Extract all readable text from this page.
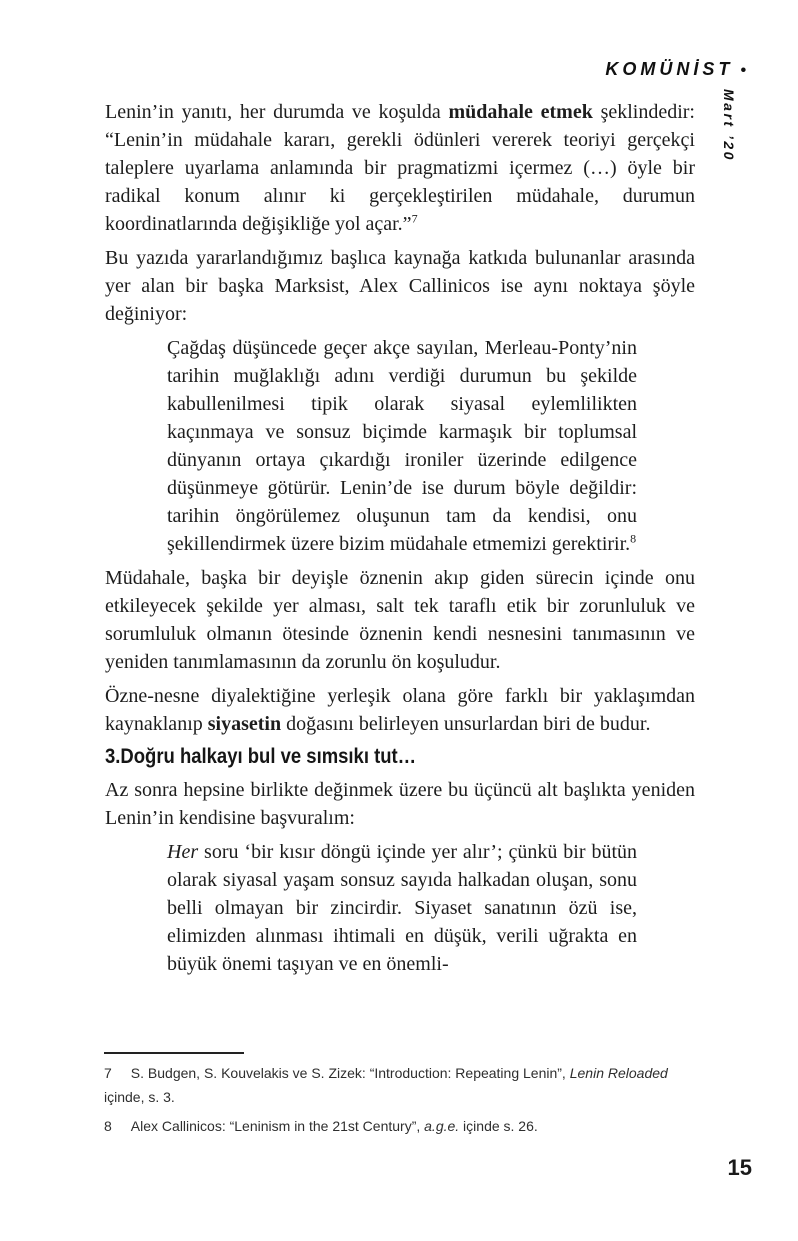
KOMÜNİST •
Mart ’20

Lenin’in yanıtı, her durumda ve koşulda müdahale etmek şeklindedir: “Lenin’in müdahale kararı, gerekli ödünleri vererek teoriyi gerçekçi taleplere uyarlama anlamında bir pragmatizmi içermez (…) öyle bir radikal konum alınır ki gerçekleştirilen müdahale, durumun koordinatlarında değişikliğe yol açar.”$^7$

Bu yazıda yararlandığımız başlıca kaynağa katkıda bulunanlar arasında yer alan bir başka Marksist, Alex Callinicos ise aynı noktaya şöyle değiniyor:

Çağdaş düşüncede geçer akçe sayılan, Merleau-Ponty’nin tarihin muğlaklığı adını verdiği durumun bu şekilde kabullenilmesi tipik olarak siyasal eylemlilikten kaçınmaya ve sonsuz biçimde karmaşık bir toplumsal dünyanın ortaya çıkardığı ironiler üzerinde edilgence düşünmeye götürür. Lenin’de ise durum böyle değildir: tarihin öngörülemez oluşunun tam da kendisi, onu şekillendirmek üzere bizim müdahale etmemizi gerektirir.$^8$

Müdahale, başka bir deyişle öznenin akıp giden sürecin içinde onu etkileyecek şekilde yer alması, salt tek taraflı etik bir zorunluluk ve sorumluluk olmanın ötesinde öznenin kendi nesnesini tanımasının ve yeniden tanımlamasının da zorunlu ön koşuludur.

Özne-nesne diyalektiğine yerleşik olana göre farklı bir yaklaşımdan kaynaklanıp siyasetin doğasını belirleyen unsurlardan biri de budur.

3.Doğru halkayı bul ve sımsıkı tut…

Az sonra hepsine birlikte değinmek üzere bu üçüncü alt başlıkta yeniden Lenin’in kendisine başvuralım:

Her soru ‘bir kısır döngü içinde yer alır’; çünkü bir bütün olarak siyasal yaşam sonsuz sayıda halkadan oluşan, sonu belli olmayan bir zincirdir. Siyaset sanatının özü ise, elimizden alınması ihtimali en düşük, verili uğrakta en büyük önemi taşıyan ve en önemli-

7 S. Budgen, S. Kouvelakis ve S. Zizek: “Introduction: Repeating Lenin”, Lenin Reloaded içinde, s. 3.

8 Alex Callinicos: “Leninism in the 21st Century”, a.g.e. içinde s. 26.

15
